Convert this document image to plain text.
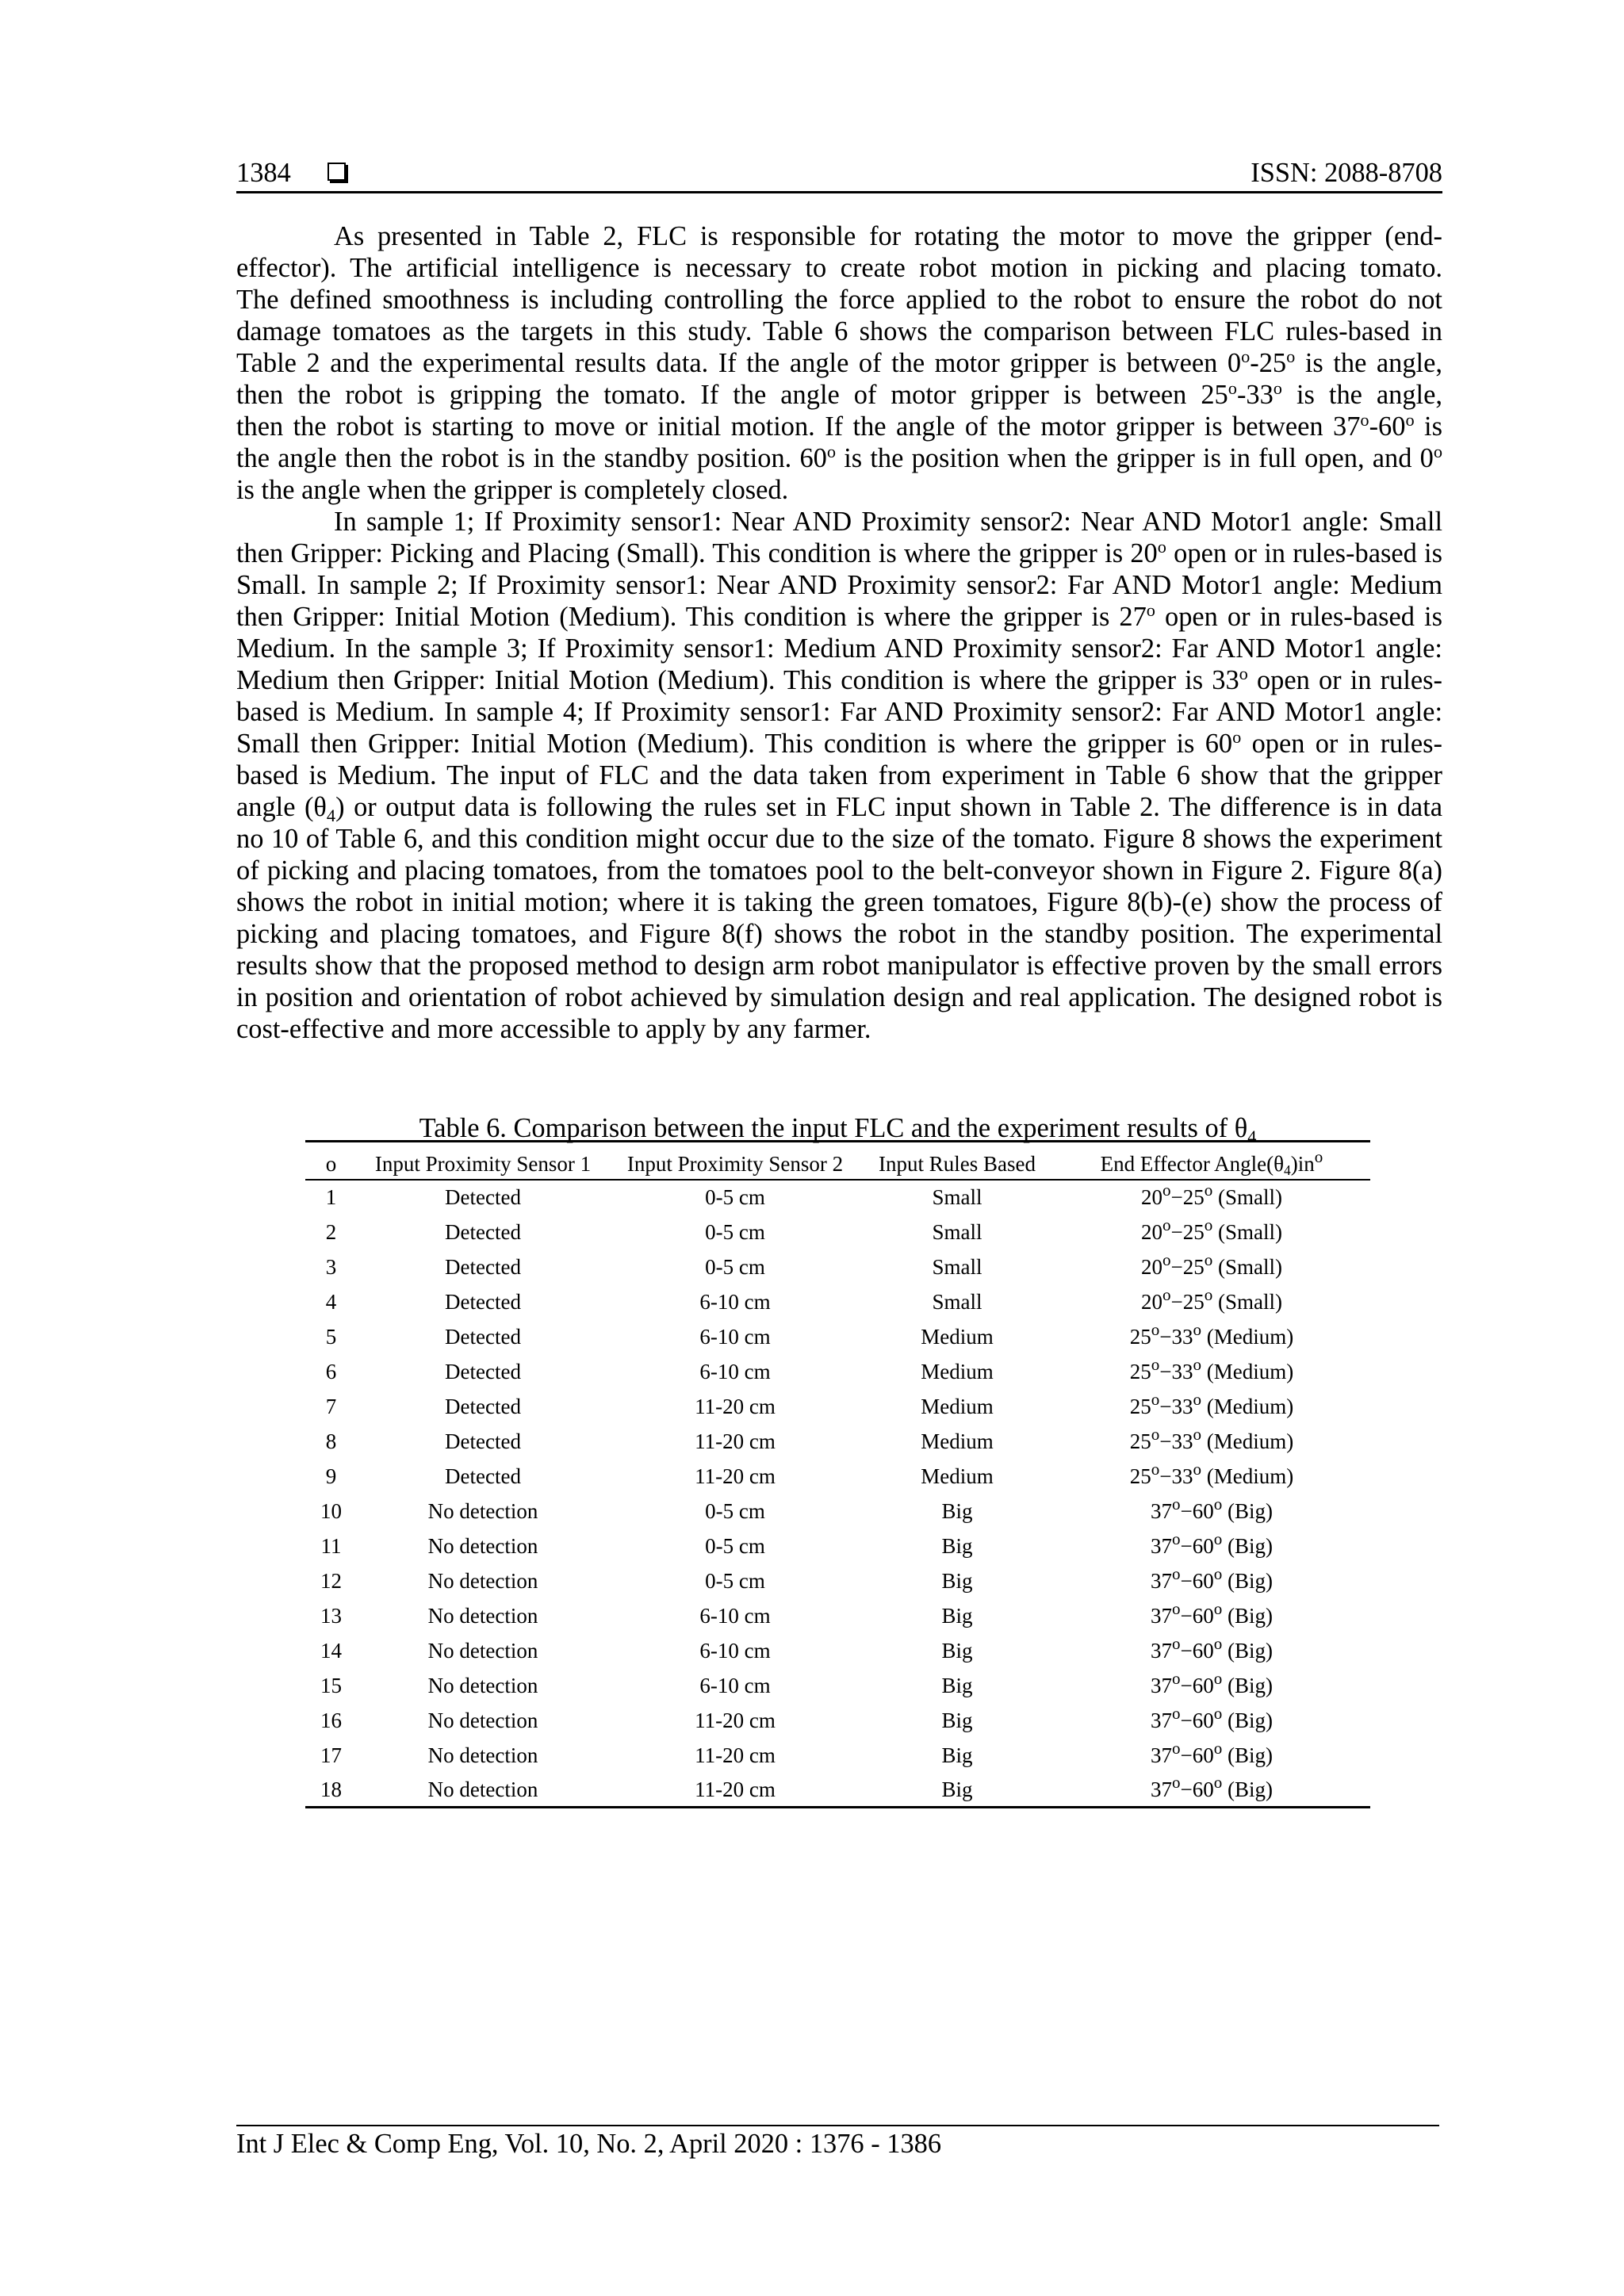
1384	ISSN: 2088-8708
As presented in Table 2, FLC is responsible for rotating the motor to move the gripper (end-
effector). The artificial intelligence is necessary to create robot motion in picking and placing tomato.
The defined smoothness is including controlling the force applied to the robot to ensure the robot do not
damage tomatoes as the targets in this study. Table 6 shows the comparison between FLC rules-based in
Table 2 and the experimental results data. If the angle of the motor gripper is between 0$^o$-25$^o$ is the angle,
then the robot is gripping the tomato. If the angle of motor gripper is between 25$^o$-33$^o$ is the angle,
then the robot is starting to move or initial motion. If the angle of the motor gripper is between 37$^o$-60$^o$ is
the angle then the robot is in the standby position. 60$^o$ is the position when the gripper is in full open, and 0$^o$
is the angle when the gripper is completely closed.
In sample 1; If Proximity sensor1: Near AND Proximity sensor2: Near AND Motor1 angle: Small
then Gripper: Picking and Placing (Small). This condition is where the gripper is 20$^o$ open or in rules-based is
Small. In sample 2; If Proximity sensor1: Near AND Proximity sensor2: Far AND Motor1 angle: Medium
then Gripper: Initial Motion (Medium). This condition is where the gripper is 27$^o$ open or in rules-based is
Medium. In the sample 3; If Proximity sensor1: Medium AND Proximity sensor2: Far AND Motor1 angle:
Medium then Gripper: Initial Motion (Medium). This condition is where the gripper is 33$^o$ open or in rules-
based is Medium. In sample 4; If Proximity sensor1: Far AND Proximity sensor2: Far AND Motor1 angle:
Small then Gripper: Initial Motion (Medium). This condition is where the gripper is 60$^o$ open or in rules-
based is Medium. The input of FLC and the data taken from experiment in Table 6 show that the gripper
angle $(\theta_4)$ or output data is following the rules set in FLC input shown in Table 2. The difference is in data
no 10 of Table 6, and this condition might occur due to the size of the tomato. Figure 8 shows the experiment
of picking and placing tomatoes, from the tomatoes pool to the belt-conveyor shown in Figure 2. Figure 8(a)
shows the robot in initial motion; where it is taking the green tomatoes, Figure 8(b)-(e) show the process of
picking and placing tomatoes, and Figure 8(f) shows the robot in the standby position. The experimental
results show that the proposed method to design arm robot manipulator is effective proven by the small errors
in position and orientation of robot achieved by simulation design and real application. The designed robot is
cost-effective and more accessible to apply by any farmer.
Table 6. Comparison between the input FLC and the experiment results of $\theta_4$
o	Input Proximity Sensor 1	Input Proximity Sensor 2	Input Rules Based	End Effector $Angle(\theta_4)in^o$
1	Detected	0-5 cm	Small	$20^o-25^o$ (Small)
2	Detected	0-5 cm	Small	$20^o-25^o$ (Small)
3	Detected	0-5 cm	Small	$20^o-25^o$ (Small)
4	Detected	6-10 cm	Small	$20^o-25^o$ (Small)
5	Detected	6-10 cm	Medium	$25^o-33^o$ (Medium)
6	Detected	6-10 cm	Medium	$25^o-33^o$ (Medium)
7	Detected	11-20 cm	Medium	$25^o-33^o$ (Medium)
8	Detected	11-20 cm	Medium	$25^o-33^o$ (Medium)
9	Detected	11-20 cm	Medium	$25^o-33^o$ (Medium)
10	No detection	0-5 cm	Big	$37^o-60^o$ (Big)
11	No detection	0-5 cm	Big	$37^o-60^o$ (Big)
12	No detection	0-5 cm	Big	$37^o-60^o$ (Big)
13	No detection	6-10 cm	Big	$37^o-60^o$ (Big)
14	No detection	6-10 cm	Big	$37^o-60^o$ (Big)
15	No detection	6-10 cm	Big	$37^o-60^o$ (Big)
16	No detection	11-20 cm	Big	$37^o-60^o$ (Big)
17	No detection	11-20 cm	Big	$37^o-60^o$ (Big)
18	No detection	11-20 cm	Big	$37^o-60^o$ (Big)
Int J Elec & Comp Eng, Vol. 10, No. 2, April 2020 : 1376 - 1386
